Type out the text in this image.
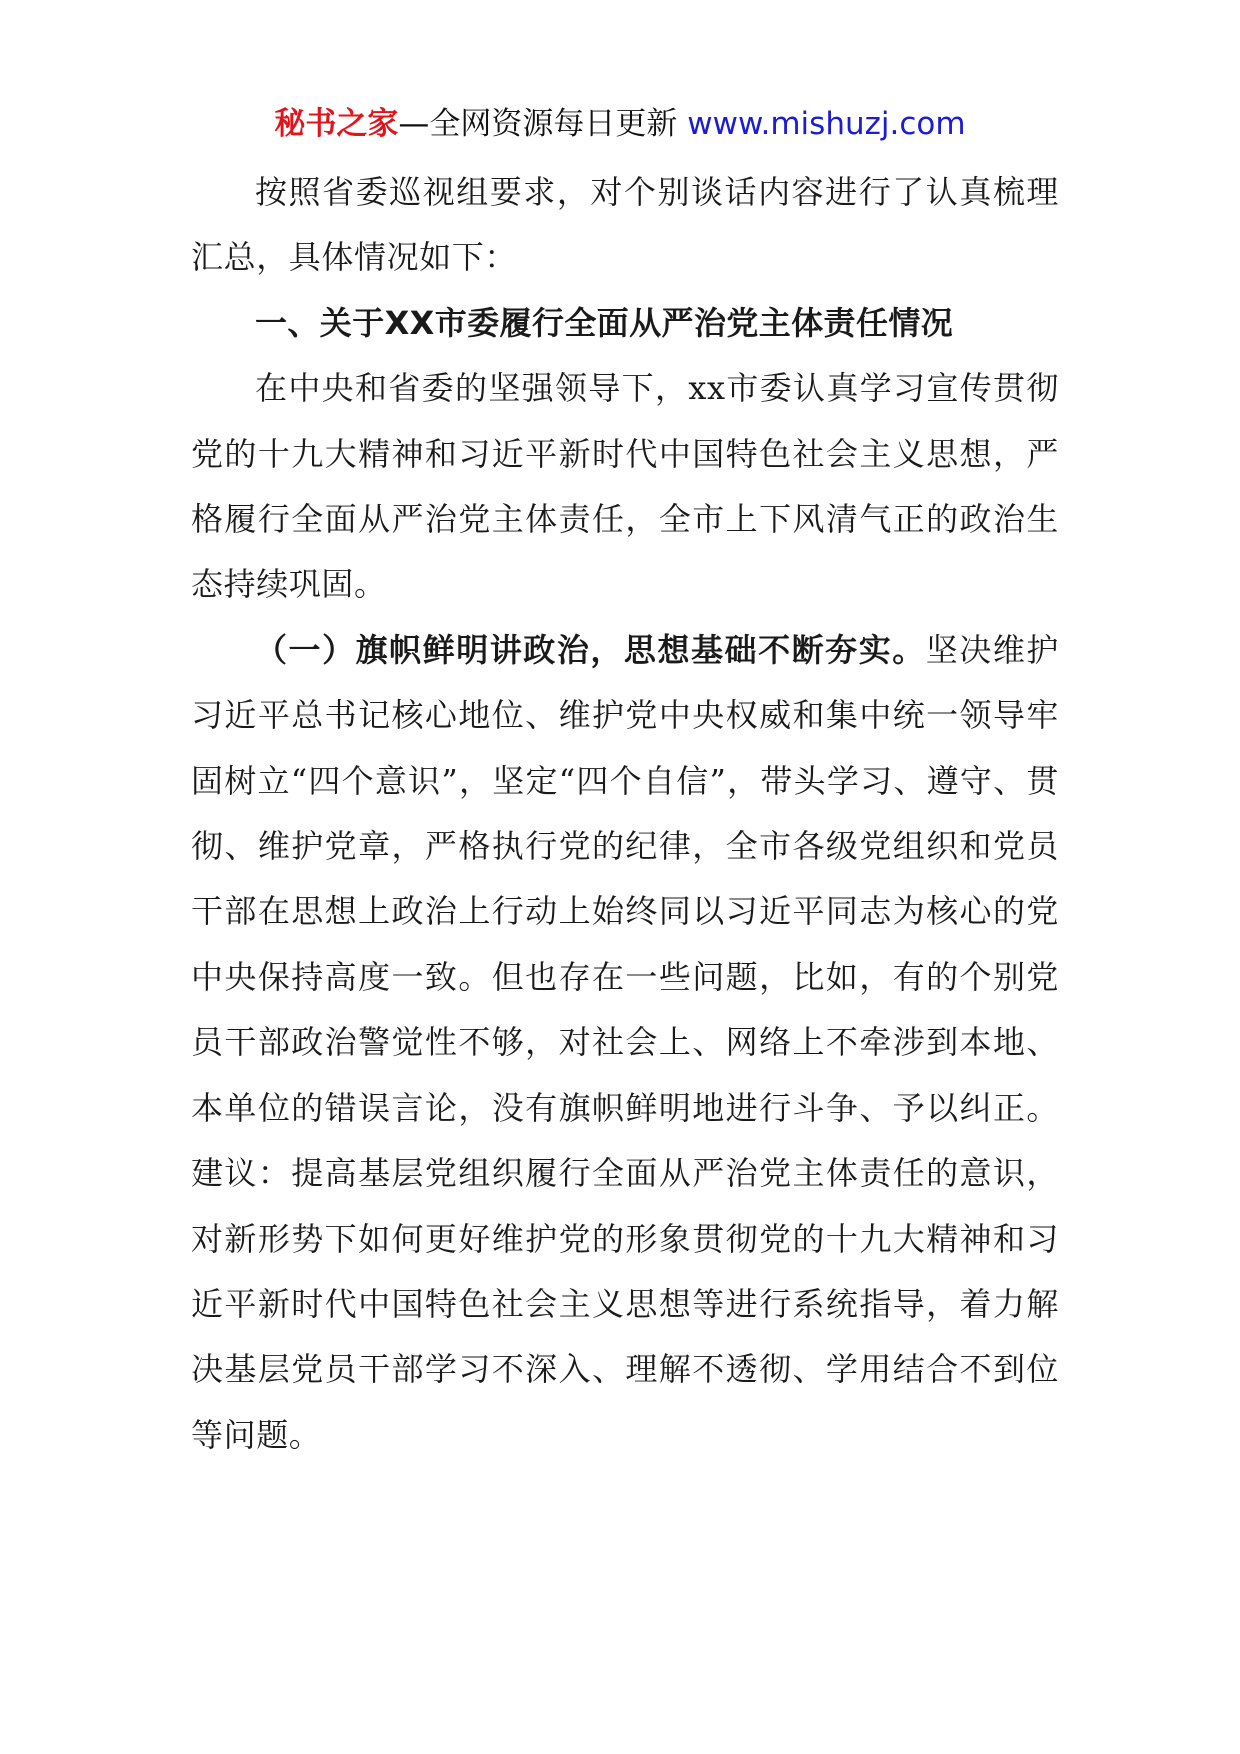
秘书之家—全网资源每日更新 www.mishuzj.com

按照省委巡视组要求，对个别谈话内容进行了认真梳理汇总，具体情况如下：

一、关于XX市委履行全面从严治党主体责任情况

在中央和省委的坚强领导下，xx市委认真学习宣传贯彻党的十九大精神和习近平新时代中国特色社会主义思想，严格履行全面从严治党主体责任，全市上下风清气正的政治生态持续巩固。

（一）旗帜鲜明讲政治，思想基础不断夯实。坚决维护习近平总书记核心地位、维护党中央权威和集中统一领导牢固树立“四个意识”，坚定“四个自信”，带头学习、遵守、贯彻、维护党章，严格执行党的纪律，全市各级党组织和党员干部在思想上政治上行动上始终同以习近平同志为核心的党中央保持高度一致。但也存在一些问题，比如，有的个别党员干部政治警觉性不够，对社会上、网络上不牵涉到本地、本单位的错误言论，没有旗帜鲜明地进行斗争、予以纠正。建议：提高基层党组织履行全面从严治党主体责任的意识，对新形势下如何更好维护党的形象贯彻党的十九大精神和习近平新时代中国特色社会主义思想等进行系统指导，着力解决基层党员干部学习不深入、理解不透彻、学用结合不到位等问题。
